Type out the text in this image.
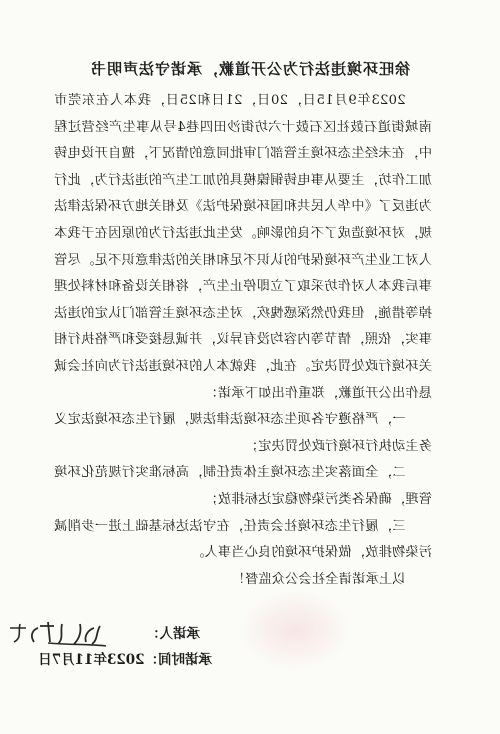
徐旺环境违法行为公开道歉，承诺守法声明书

2023年9月15日，20日，21日和25日，我本人在东莞市南城街道石鼓社区石鼓十六坊街沙田四巷4号从事生产经营过程中，在未经生态环境主管部门审批同意的情况下，擅自开设电铸加工作坊，主要从事电铸铜镍模具的加工生产的违法行为，此行为违反了《中华人民共和国环境保护法》及相关地方环保法律法规，对环境造成了不良的影响。发生此违法行为的原因在于我本人对工业生产环境保护的认识不足和相关的法律意识不足。尽管事后我本人对作坊采取了立即停止生产，将相关设备和材料处理掉等措施，但我仍然深感愧疚，对生态环境主管部门认定的违法事实，依照，情节等内容均没有异议，并诚恳接受和严格执行相关环境行政处罚决定。在此，我就本人的环境违法行为向社会诚恳作出公开道歉，郑重作出如下承诺：

一，严格遵守各项生态环境法律法规，履行生态环境法定义务主动执行环境行政处罚决定；

二，全面落实生态环境主体责任制，高标准实行规范化环境管理，确保各类污染物稳定达标排放；

三，履行生态环境社会责任，在守法达标基础上进一步削减污染物排放，做保护环境的良心当事人。

以上承诺请全社会公众监督！

承诺人：
承诺时间：2023年11月7日
